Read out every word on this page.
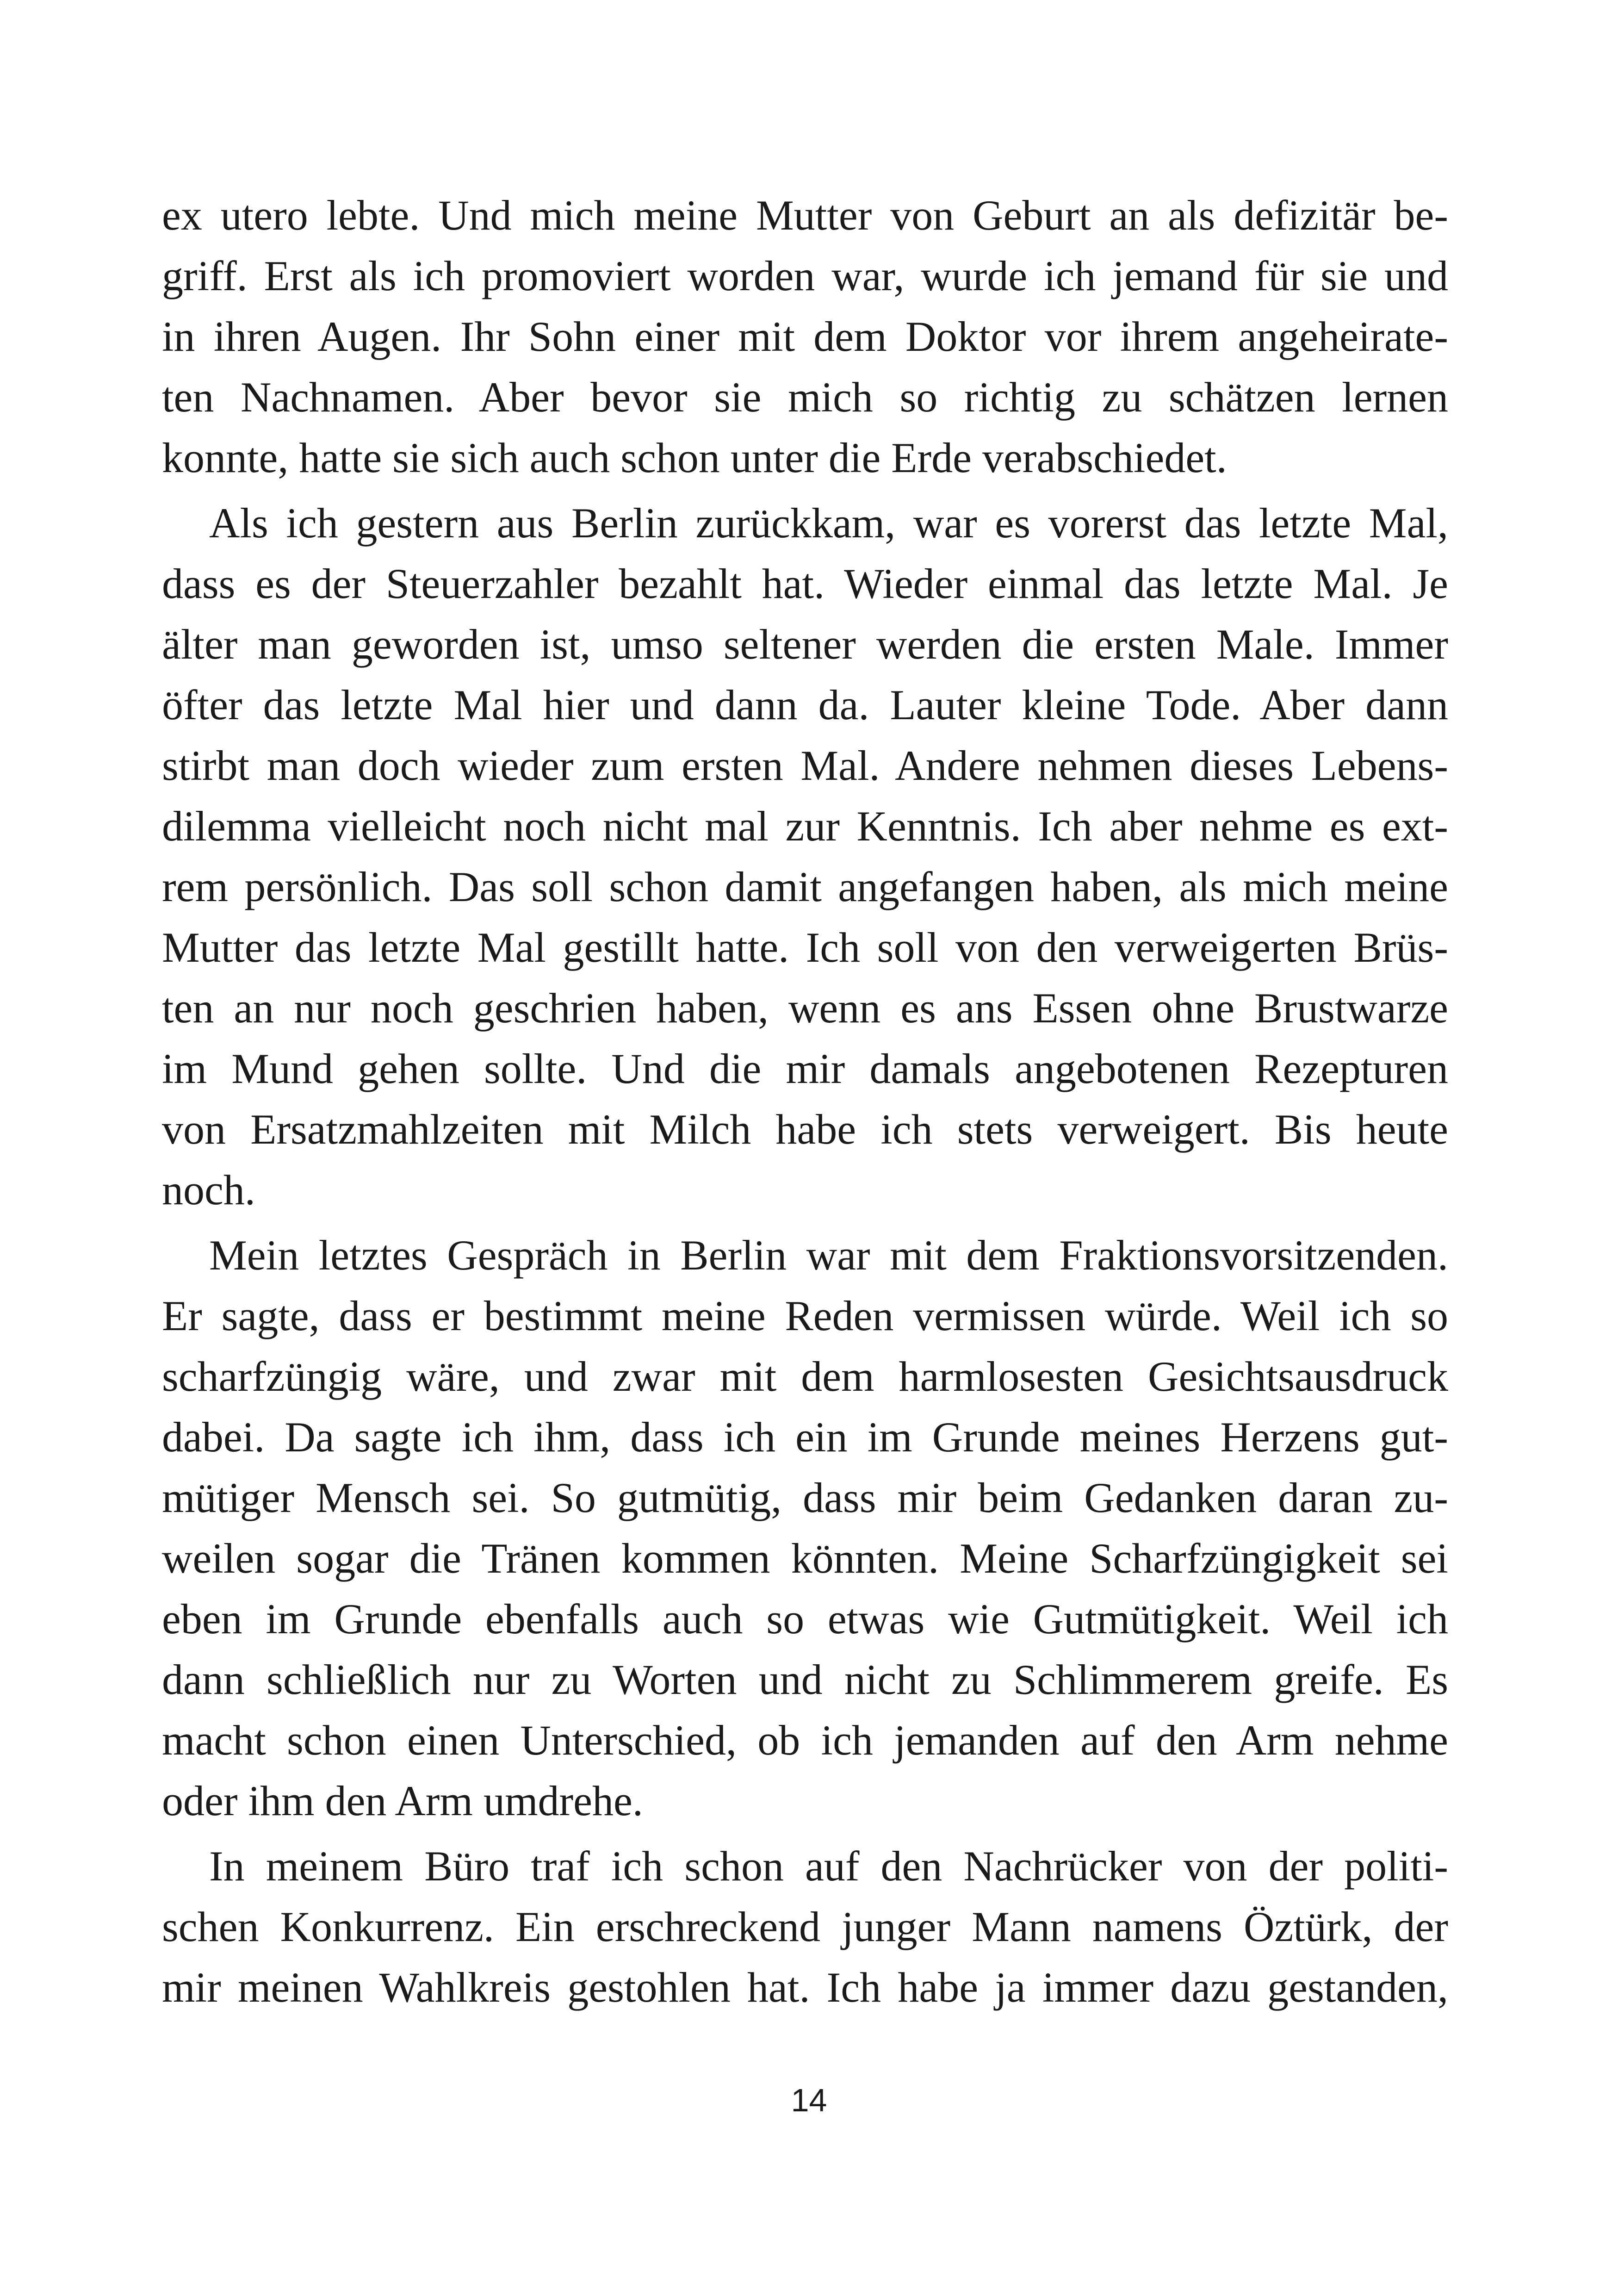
ex utero lebte. Und mich meine Mutter von Geburt an als defizitär be-
griff. Erst als ich promoviert worden war, wurde ich jemand für sie und
in ihren Augen. Ihr Sohn einer mit dem Doktor vor ihrem angeheirate-
ten Nachnamen. Aber bevor sie mich so richtig zu schätzen lernen
konnte, hatte sie sich auch schon unter die Erde verabschiedet.
Als ich gestern aus Berlin zurückkam, war es vorerst das letzte Mal,
dass es der Steuerzahler bezahlt hat. Wieder einmal das letzte Mal. Je
älter man geworden ist, umso seltener werden die ersten Male. Immer
öfter das letzte Mal hier und dann da. Lauter kleine Tode. Aber dann
stirbt man doch wieder zum ersten Mal. Andere nehmen dieses Lebens-
dilemma vielleicht noch nicht mal zur Kenntnis. Ich aber nehme es ext-
rem persönlich. Das soll schon damit angefangen haben, als mich meine
Mutter das letzte Mal gestillt hatte. Ich soll von den verweigerten Brüs-
ten an nur noch geschrien haben, wenn es ans Essen ohne Brustwarze
im Mund gehen sollte. Und die mir damals angebotenen Rezepturen
von Ersatzmahlzeiten mit Milch habe ich stets verweigert. Bis heute
noch.
Mein letztes Gespräch in Berlin war mit dem Fraktionsvorsitzenden.
Er sagte, dass er bestimmt meine Reden vermissen würde. Weil ich so
scharfzüngig wäre, und zwar mit dem harmlosesten Gesichtsausdruck
dabei. Da sagte ich ihm, dass ich ein im Grunde meines Herzens gut-
mütiger Mensch sei. So gutmütig, dass mir beim Gedanken daran zu-
weilen sogar die Tränen kommen könnten. Meine Scharfzüngigkeit sei
eben im Grunde ebenfalls auch so etwas wie Gutmütigkeit. Weil ich
dann schließlich nur zu Worten und nicht zu Schlimmerem greife. Es
macht schon einen Unterschied, ob ich jemanden auf den Arm nehme
oder ihm den Arm umdrehe.
In meinem Büro traf ich schon auf den Nachrücker von der politi-
schen Konkurrenz. Ein erschreckend junger Mann namens Öztürk, der
mir meinen Wahlkreis gestohlen hat. Ich habe ja immer dazu gestanden,
14
